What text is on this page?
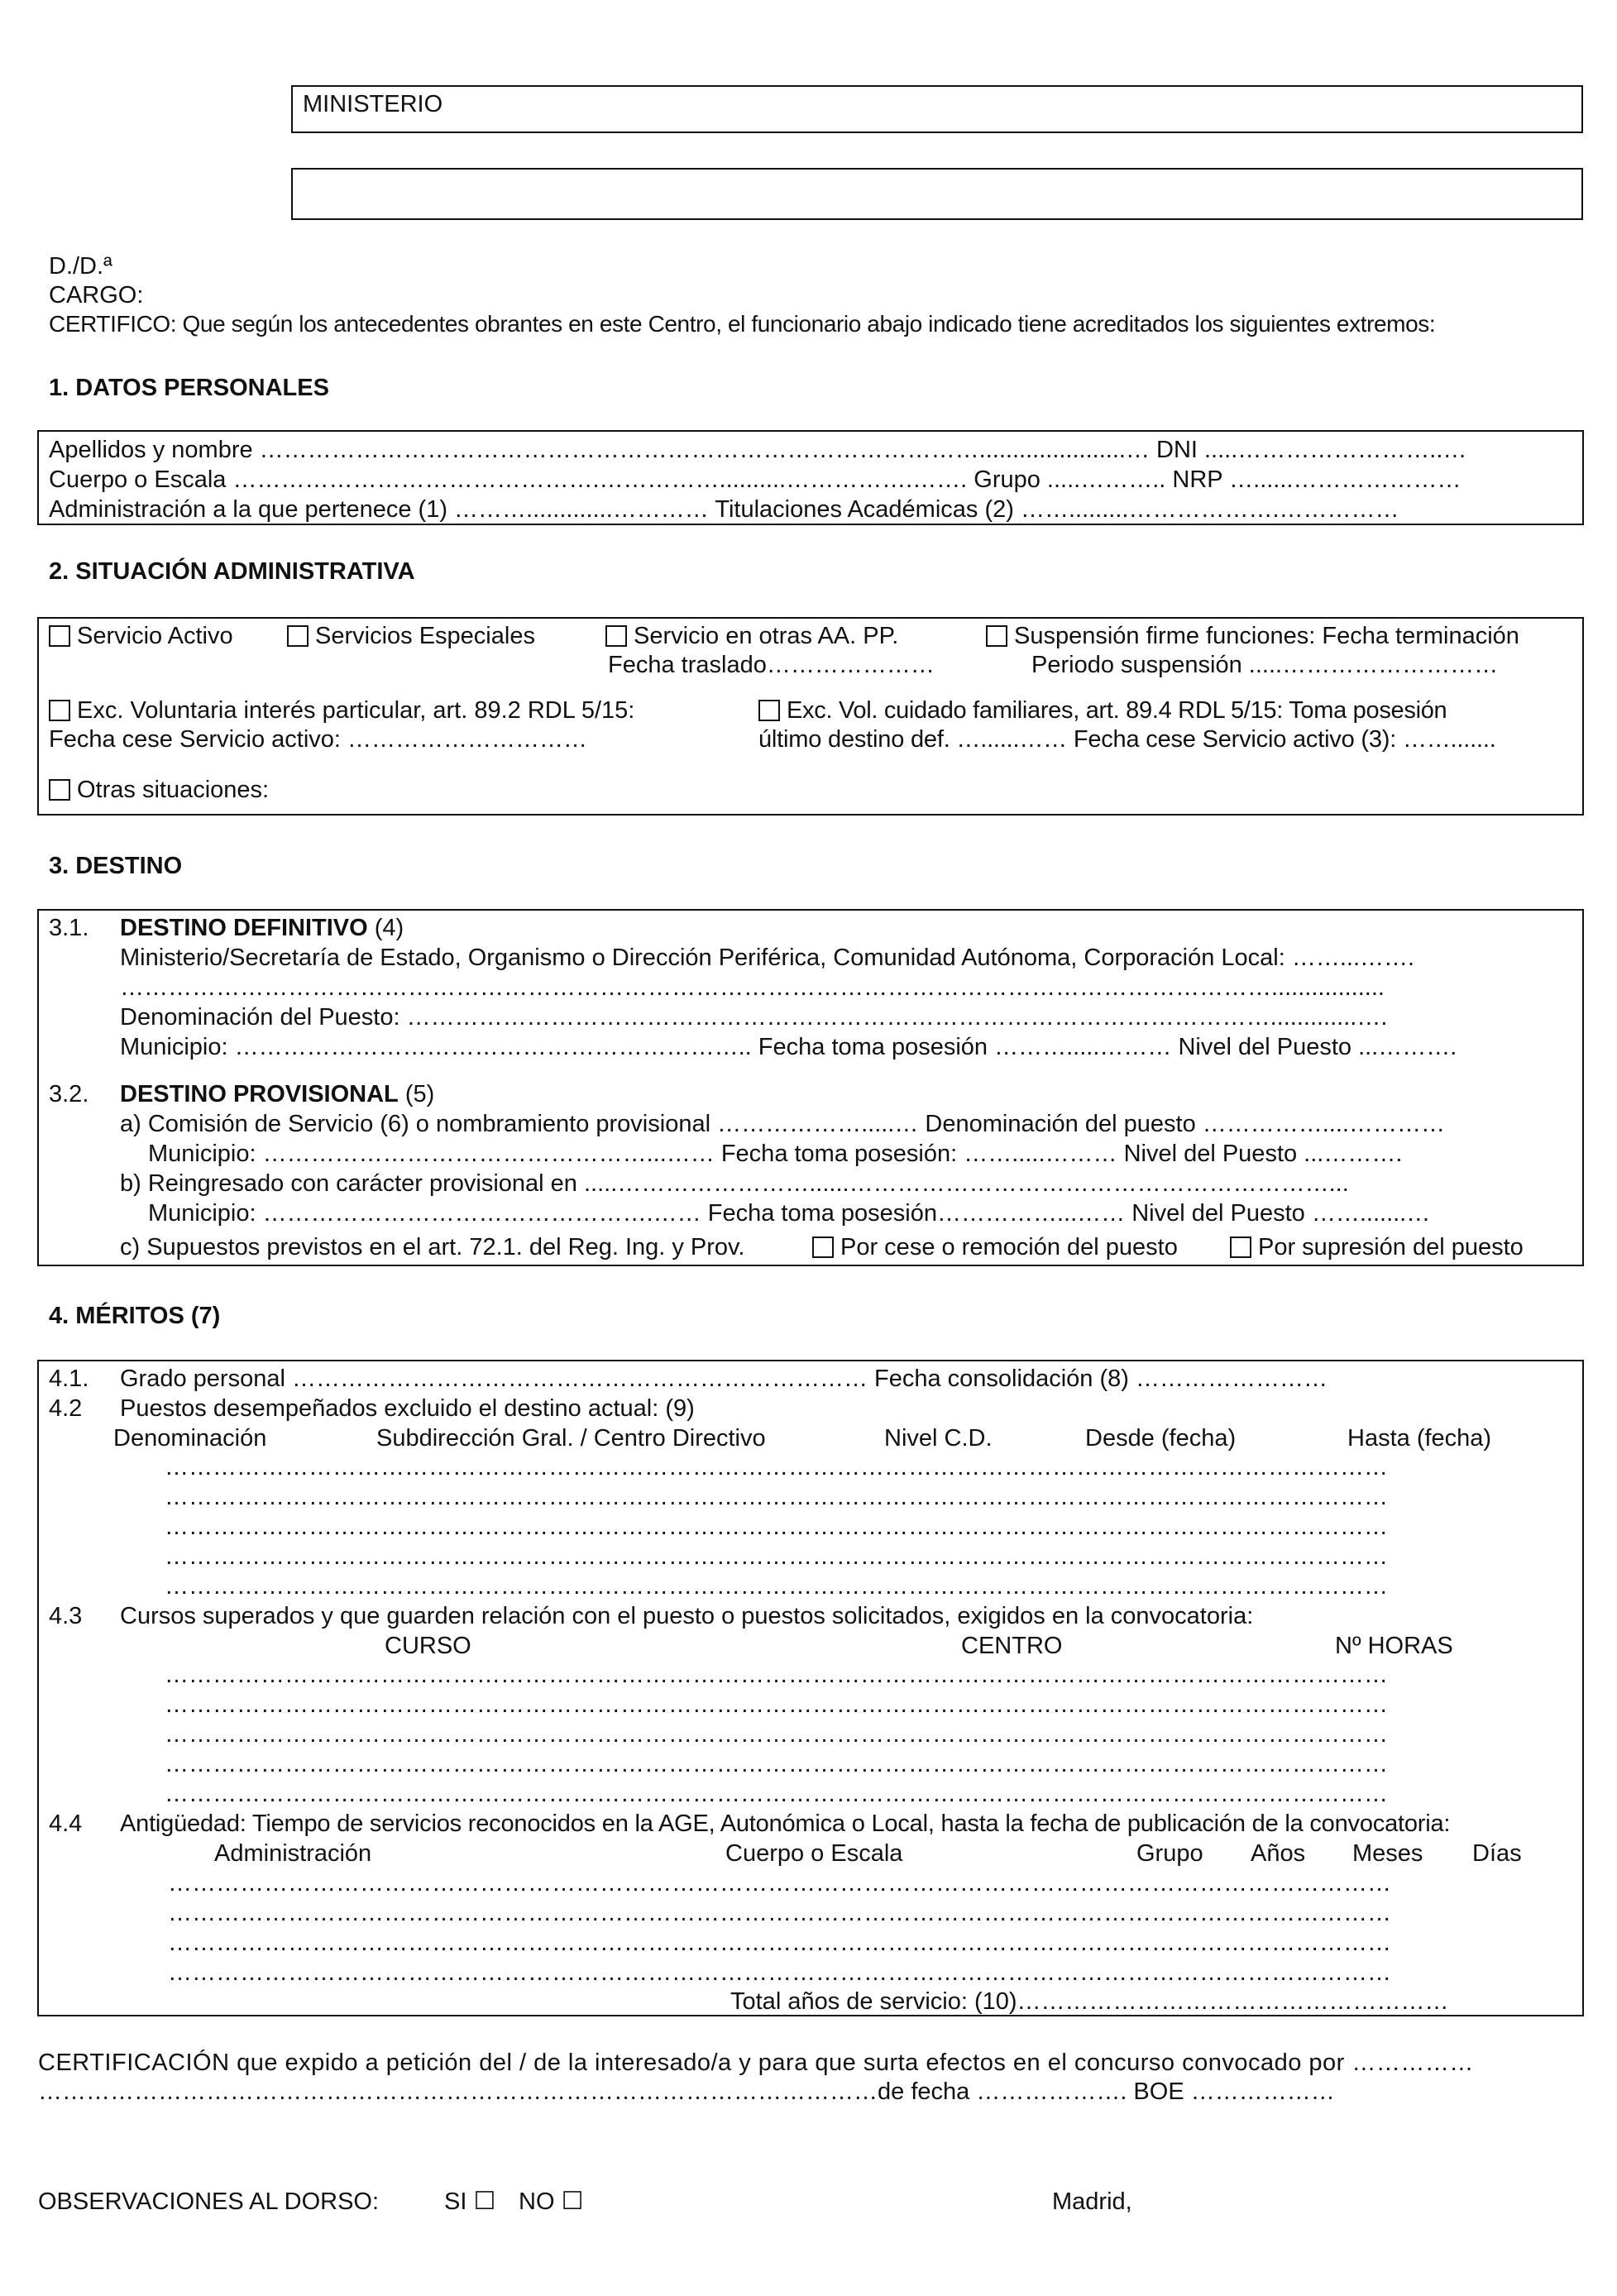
MINISTERIO
D./D.ª
CARGO:
CERTIFICO: Que según los antecedentes obrantes en este Centro, el funcionario abajo indicado tiene acreditados los siguientes extremos:
1. DATOS PERSONALES
Apellidos y nombre ………………………………………………………………………………......................… DNI .....……………………..…
Cuerpo o Escala ……………………………………….……………..........…………….……. Grupo .....……….. NRP …......…………………
Administración a la que pertenece (1) ……….............………… Titulaciones Académicas (2) …….........……………….……………
2. SITUACIÓN ADMINISTRATIVA
Servicio Activo	Servicios Especiales	Servicio en otras AA. PP.
Fecha traslado…………………
Suspensión firme funciones: Fecha terminación
Periodo suspensión .....………………………
Exc. Voluntaria interés particular, art. 89.2 RDL 5/15:
Fecha cese Servicio activo: …………………………
Exc. Vol. cuidado familiares, art. 89.4 RDL 5/15: Toma posesión
último destino def. …......…… Fecha cese Servicio activo (3): …….......
Otras situaciones:
3. DESTINO
3.1. DESTINO DEFINITIVO (4)
Ministerio/Secretaría de Estado, Organismo o Dirección Periférica, Comunidad Autónoma, Corporación Local: ……...…….
……………………………………………………………………………………………………………………………….................
Denominación del Puesto: ……………………………………………………………………………………………….............….
Municipio: ……………………………………………………….. Fecha toma posesión ……….....……… Nivel del Puesto ...……….
3.2. DESTINO PROVISIONAL (5)
a) Comisión de Servicio (6) o nombramiento provisional ……………….....… Denominación del puesto ……………....…………
Municipio: …………………………………………...…… Fecha toma posesión: …….....……… Nivel del Puesto ...……….
b) Reingresado con carácter provisional en .....……………………......……………………………………………………...
Municipio: ………………………………………….…… Fecha toma posesión……………...…… Nivel del Puesto …….......…
c) Supuestos previstos en el art. 72.1. del Reg. Ing. y Prov.	Por cese o remoción del puesto	Por supresión del puesto
4. MÉRITOS (7)
4.1. Grado personal ……………………………………………………………… Fecha consolidación (8) ……………………
4.2 Puestos desempeñados excluido el destino actual: (9)
Denominación	Subdirección Gral. / Centro Directivo	Nivel C.D.	Desde (fecha)	Hasta (fecha)
………………………………………………………………………………………………………………………………………
………………………………………………………………………………………………………………………………………
………………………………………………………………………………………………………………………………………
………………………………………………………………………………………………………………………………………
………………………………………………………………………………………………………………………………………
4.3 Cursos superados y que guarden relación con el puesto o puestos solicitados, exigidos en la convocatoria:
CURSO	CENTRO	Nº HORAS
………………………………………………………………………………………………………………………………………
………………………………………………………………………………………………………………………………………
………………………………………………………………………………………………………………………………………
………………………………………………………………………………………………………………………………………
………………………………………………………………………………………………………………………………………
4.4 Antigüedad: Tiempo de servicios reconocidos en la AGE, Autonómica o Local, hasta la fecha de publicación de la convocatoria:
Administración	Cuerpo o Escala	Grupo Años Meses Días
………………………………………………………………………………………………………………………………………
………………………………………………………………………………………………………………………………………
………………………………………………………………………………………………………………………………………
………………………………………………………………………………………………………………………………………
Total años de servicio: (10)………………………………………………
CERTIFICACIÓN que expido a petición del / de la interesado/a y para que surta efectos en el concurso convocado por ……………
……………………………………………………………………………………………de fecha ………………. BOE ………………
OBSERVACIONES AL DORSO:	SI ☐ NO ☐	Madrid,
